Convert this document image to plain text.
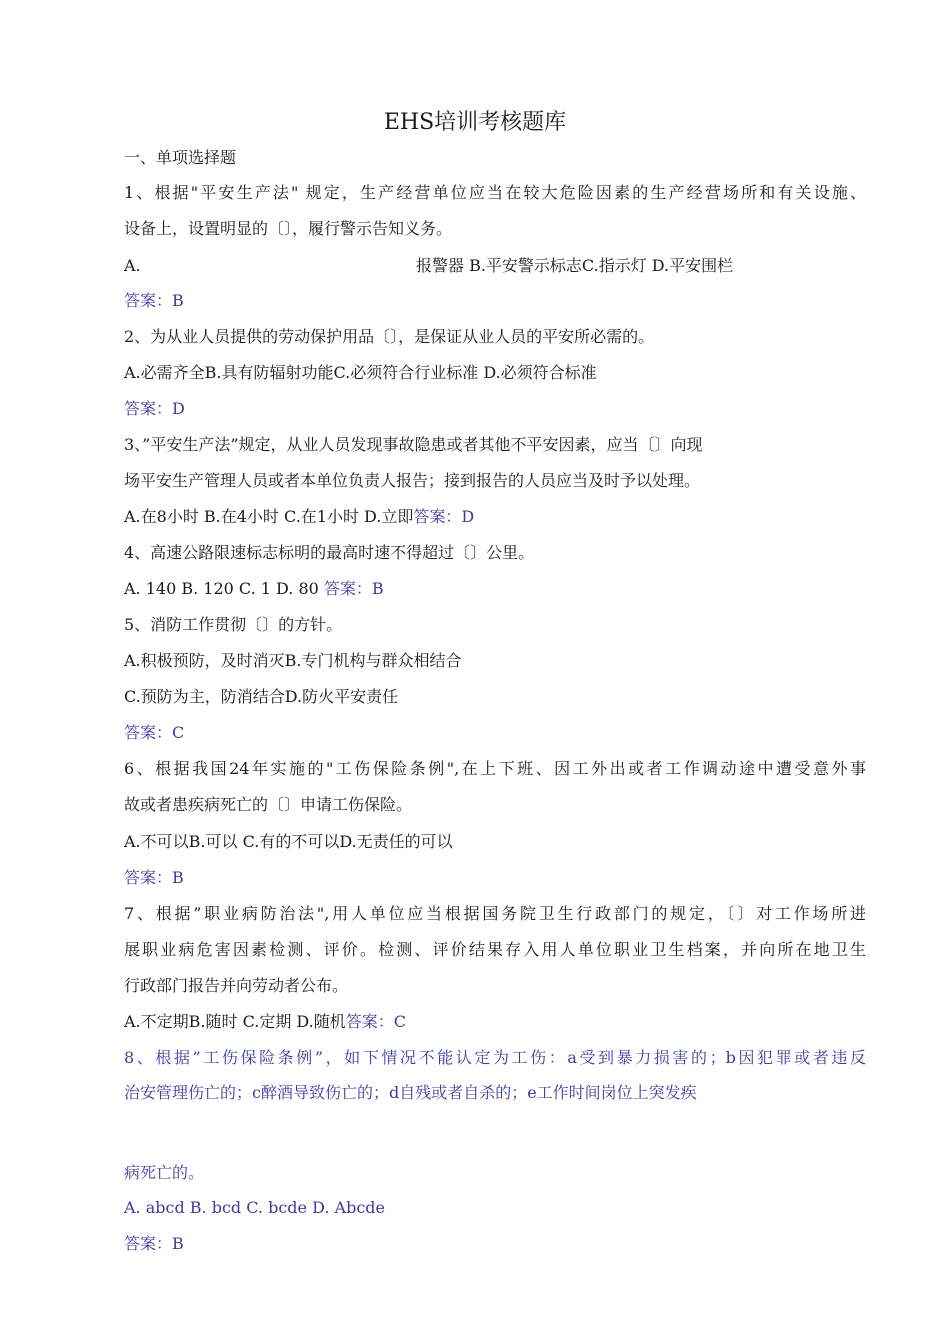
EHS培训考核题库
一、单项选择题
1、根据"平安生产法" 规定，生产经营单位应当在较大危险因素的生产经营场所和有关设施、
设备上，设置明显的〔〕，履行警示告知义务。
A.	报警器 B.平安警示标志C.指示灯 D.平安围栏
答案：B
2、为从业人员提供的劳动保护用品〔〕，是保证从业人员的平安所必需的。
A.必需齐全B.具有防辐射功能C.必须符合行业标准 D.必须符合标准
答案：D
3、”平安生产法”规定，从业人员发现事故隐患或者其他不平安因素，应当〔〕向现
场平安生产管理人员或者本单位负责人报告；接到报告的人员应当及时予以处理。
A.在8小时 B.在4小时 C.在1小时 D.立即答案：D
4、高速公路限速标志标明的最高时速不得超过〔〕公里。
A. 140 B. 120 C. 1 D. 80 答案：B
5、消防工作贯彻〔〕的方针。
A.积极预防，及时消灭B.专门机构与群众相结合
C.预防为主，防消结合D.防火平安责任
答案：C
6、根据我国24年实施的"工伤保险条例",在上下班、因工外出或者工作调动途中遭受意外事
故或者患疾病死亡的〔〕申请工伤保险。
A.不可以B.可以 C.有的不可以D.无责任的可以
答案：B
7、根据”职业病防治法",用人单位应当根据国务院卫生行政部门的规定，〔〕对工作场所进
展职业病危害因素检测、评价。检测、评价结果存入用人单位职业卫生档案，并向所在地卫生
行政部门报告并向劳动者公布。
A.不定期B.随时 C.定期 D.随机答案：C
8、根据”工伤保险条例”，如下情况不能认定为工伤：a受到暴力损害的；b因犯罪或者违反
治安管理伤亡的；c醉酒导致伤亡的；d自残或者自杀的；e工作时间岗位上突发疾
病死亡的。
A. abcd B. bcd C. bcde D. Abcde
答案：B
